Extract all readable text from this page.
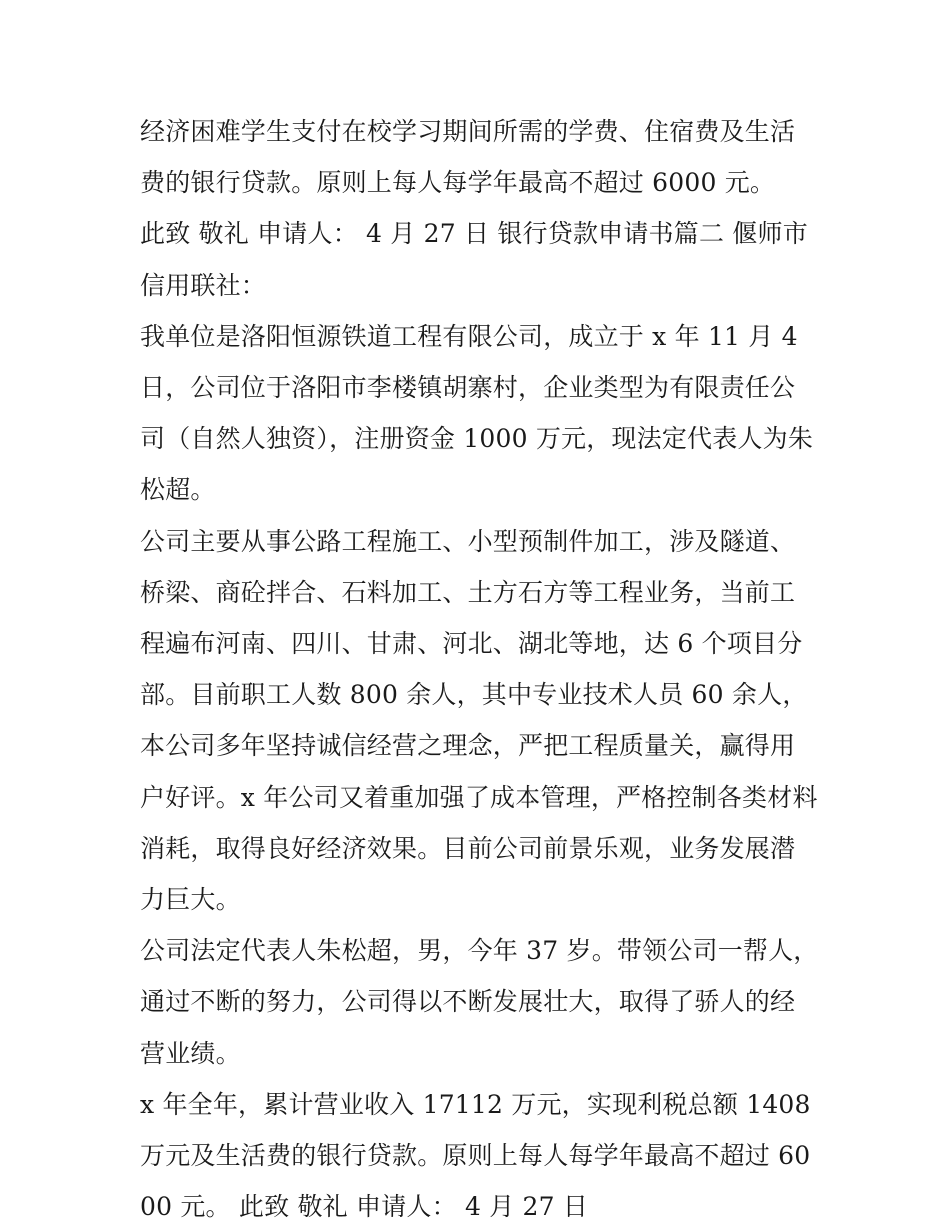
经济困难学生支付在校学习期间所需的学费、住宿费及生活费的银行贷款。原则上每人每学年最高不超过 6000 元。

此致 敬礼 申请人： 4 月 27 日 银行贷款申请书篇二 偃师市信用联社：

我单位是洛阳恒源铁道工程有限公司，成立于 x 年 11 月 4 日，公司位于洛阳市李楼镇胡寨村，企业类型为有限责任公司（自然人独资），注册资金 1000 万元，现法定代表人为朱松超。

公司主要从事公路工程施工、小型预制件加工，涉及隧道、桥梁、商砼拌合、石料加工、土方石方等工程业务，当前工程遍布河南、四川、甘肃、河北、湖北等地，达 6 个项目分部。目前职工人数 800 余人，其中专业技术人员 60 余人，本公司多年坚持诚信经营之理念，严把工程质量关，赢得用户好评。x 年公司又着重加强了成本管理，严格控制各类材料消耗，取得良好经济效果。目前公司前景乐观，业务发展潜力巨大。

公司法定代表人朱松超，男，今年 37 岁。带领公司一帮人，通过不断的努力，公司得以不断发展壮大，取得了骄人的经营业绩。

x 年全年，累计营业收入 17112 万元，实现利税总额 1408 万元及生活费的银行贷款。原则上每人每学年最高不超过 6000 元。 此致 敬礼 申请人： 4 月 27 日
